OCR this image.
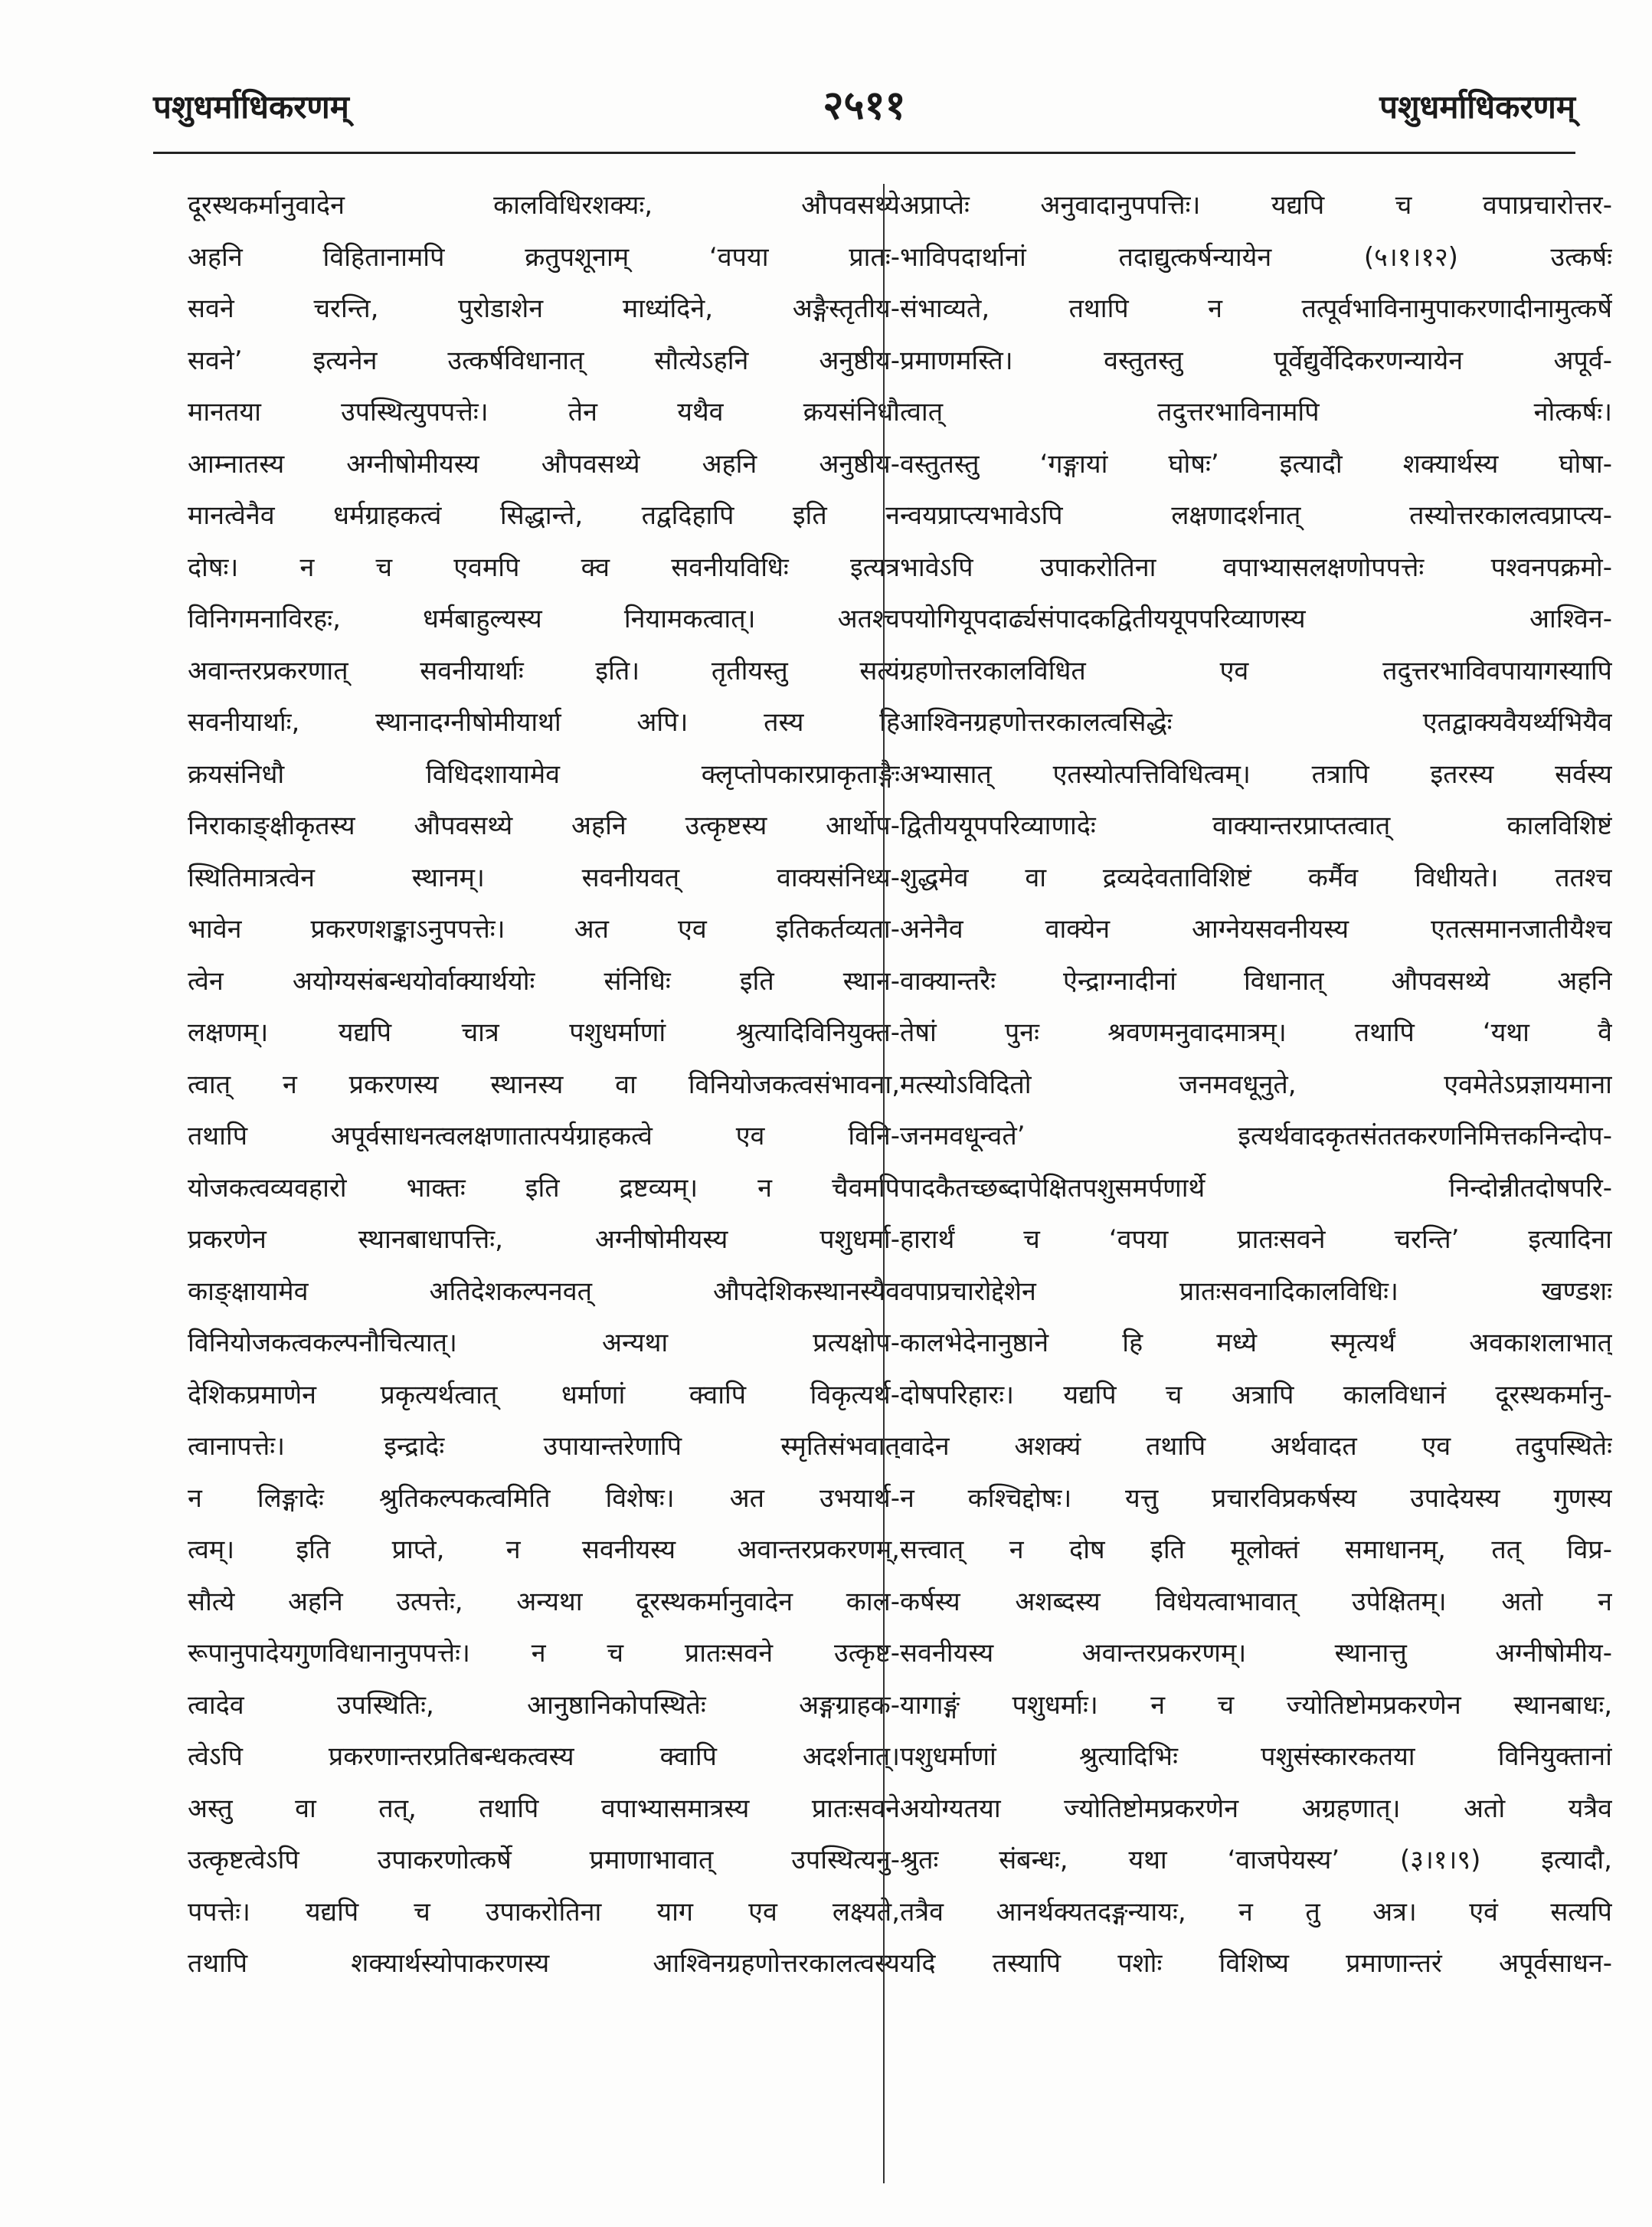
पशुधर्माधिकरणम्	२५११	पशुधर्माधिकरणम्
दूरस्थकर्मानुवादेन कालविधिरशक्यः, औपवसथ्ये
अहनि विहितानामपि क्रतुपशूनाम् ‘वपया प्रातः-
सवने चरन्ति, पुरोडाशेन माध्यंदिने, अङ्गैस्तृतीय-
सवने’ इत्यनेन उत्कर्षविधानात् सौत्येऽहनि अनुष्ठीय-
मानतया उपस्थित्युपपत्तेः। तेन यथैव क्रयसंनिधौ
आम्नातस्य अग्नीषोमीयस्य औपवसथ्ये अहनि अनुष्ठीय-
मानत्वेनैव धर्मग्राहकत्वं सिद्धान्ते, तद्वदिहापि इति न
दोषः। न च एवमपि क्व सवनीयविधिः इत्यत्र
विनिगमनाविरहः, धर्मबाहुल्यस्य नियामकत्वात्। अतश्च
अवान्तरप्रकरणात् सवनीयार्थाः इति। तृतीयस्तु सत्यं
सवनीयार्थाः, स्थानादग्नीषोमीयार्था अपि। तस्य हि
क्रयसंनिधौ विधिदशायामेव क्लृप्तोपकारप्राकृताङ्गैः
निराकाङ्क्षीकृतस्य औपवसथ्ये अहनि उत्कृष्टस्य आर्थोप-
स्थितिमात्रत्वेन स्थानम्। सवनीयवत् वाक्यसंनिध्य-
भावेन प्रकरणशङ्काऽनुपपत्तेः। अत एव इतिकर्तव्यता-
त्वेन अयोग्यसंबन्धयोर्वाक्यार्थयोः संनिधिः इति स्थान-
लक्षणम्। यद्यपि चात्र पशुधर्माणां श्रुत्यादिविनियुक्त-
त्वात् न प्रकरणस्य स्थानस्य वा विनियोजकत्वसंभावना,
तथापि अपूर्वसाधनत्वलक्षणातात्पर्यग्राहकत्वे एव विनि-
योजकत्वव्यवहारो भाक्तः इति द्रष्टव्यम्। न चैवमपि
प्रकरणेन स्थानबाधापत्तिः, अग्नीषोमीयस्य पशुधर्मा-
काङ्क्षायामेव अतिदेशकल्पनवत् औपदेशिकस्थानस्यैव
विनियोजकत्वकल्पनौचित्यात्। अन्यथा प्रत्यक्षोप-
देशिकप्रमाणेन प्रकृत्यर्थत्वात् धर्माणां क्वापि विकृत्यर्थ-
त्वानापत्तेः। इन्द्रादेः उपायान्तरेणापि स्मृतिसंभवात्
न लिङ्गादेः श्रुतिकल्पकत्वमिति विशेषः। अत उभयार्थ-
त्वम्। इति प्राप्ते, न सवनीयस्य अवान्तरप्रकरणम्,
सौत्ये अहनि उत्पत्तेः, अन्यथा दूरस्थकर्मानुवादेन काल-
रूपानुपादेयगुणविधानानुपपत्तेः। न च प्रातःसवने उत्कृष्ट-
त्वादेव उपस्थितिः, आनुष्ठानिकोपस्थितेः अङ्गग्राहक-
त्वेऽपि प्रकरणान्तरप्रतिबन्धकत्वस्य क्वापि अदर्शनात्।
अस्तु वा तत्, तथापि वपाभ्यासमात्रस्य प्रातःसवने
उत्कृष्टत्वेऽपि उपाकरणोत्कर्षे प्रमाणाभावात् उपस्थित्यनु-
पपत्तेः। यद्यपि च उपाकरोतिना याग एव लक्ष्यते,
तथापि शक्यार्थस्योपाकरणस्य आश्विनग्रहणोत्तरकालत्वस्य
अप्राप्तेः अनुवादानुपपत्तिः। यद्यपि च वपाप्रचारोत्तर-
भाविपदार्थानां तदाद्युत्कर्षन्यायेन (५।१।१२) उत्कर्षः
संभाव्यते, तथापि न तत्पूर्वभाविनामुपाकरणादीनामुत्कर्षे
प्रमाणमस्ति। वस्तुतस्तु पूर्वेद्युर्वेदिकरणन्यायेन अपूर्व-
त्वात् तदुत्तरभाविनामपि नोत्कर्षः।
वस्तुतस्तु ‘गङ्गायां घोषः’ इत्यादौ शक्यार्थस्य घोषा-
न्वयप्राप्त्यभावेऽपि लक्षणादर्शनात् तस्योत्तरकालत्वप्राप्त्य-
भावेऽपि उपाकरोतिना वपाभ्यासलक्षणोपपत्तेः पश्वनपक्रमो-
पयोगियूपदार्ढ्यसंपादकद्वितीययूपपरिव्याणस्य आश्विन-
ग्रहणोत्तरकालविधित एव तदुत्तरभाविवपायागस्यापि
आश्विनग्रहणोत्तरकालत्वसिद्धेः एतद्वाक्यवैयर्थ्यभियैव
अभ्यासात् एतस्योत्पत्तिविधित्वम्। तत्रापि इतरस्य सर्वस्य
द्वितीययूपपरिव्याणादेः वाक्यान्तरप्राप्तत्वात् कालविशिष्टं
शुद्धमेव वा द्रव्यदेवताविशिष्टं कर्मैव विधीयते। ततश्च
अनेनैव वाक्येन आग्नेयसवनीयस्य एतत्समानजातीयैश्च
वाक्यान्तरैः ऐन्द्राग्नादीनां विधानात् औपवसथ्ये अहनि
तेषां पुनः श्रवणमनुवादमात्रम्। तथापि ‘यथा वै
मत्स्योऽविदितो जनमवधूनुते, एवमेतेऽप्रज्ञायमाना
जनमवधून्वते’ इत्यर्थवादकृतसंततकरणनिमित्तकनिन्दोप-
पादकैतच्छब्दापेक्षितपशुसमर्पणार्थे निन्दोन्नीतदोषपरि-
हारार्थं च ‘वपया प्रातःसवने चरन्ति’ इत्यादिना
वपाप्रचारोद्देशेन प्रातःसवनादिकालविधिः। खण्डशः
कालभेदेनानुष्ठाने हि मध्ये स्मृत्यर्थं अवकाशलाभात्
दोषपरिहारः। यद्यपि च अत्रापि कालविधानं दूरस्थकर्मानु-
वादेन अशक्यं तथापि अर्थवादत एव तदुपस्थितेः
न कश्चिद्दोषः। यत्तु प्रचारविप्रकर्षस्य उपादेयस्य गुणस्य
सत्त्वात् न दोष इति मूलोक्तं समाधानम्, तत् विप्र-
कर्षस्य अशब्दस्य विधेयत्वाभावात् उपेक्षितम्। अतो न
सवनीयस्य अवान्तरप्रकरणम्। स्थानात्तु अग्नीषोमीय-
यागाङ्गं पशुधर्माः। न च ज्योतिष्टोमप्रकरणेन स्थानबाधः,
पशुधर्माणां श्रुत्यादिभिः पशुसंस्कारकतया विनियुक्तानां
अयोग्यतया ज्योतिष्टोमप्रकरणेन अग्रहणात्। अतो यत्रैव
श्रुतः संबन्धः, यथा ‘वाजपेयस्य’ (३।१।९) इत्यादौ,
तत्रैव आनर्थक्यतदङ्गन्यायः, न तु अत्र। एवं सत्यपि
यदि तस्यापि पशोः विशिष्य प्रमाणान्तरं अपूर्वसाधन-
